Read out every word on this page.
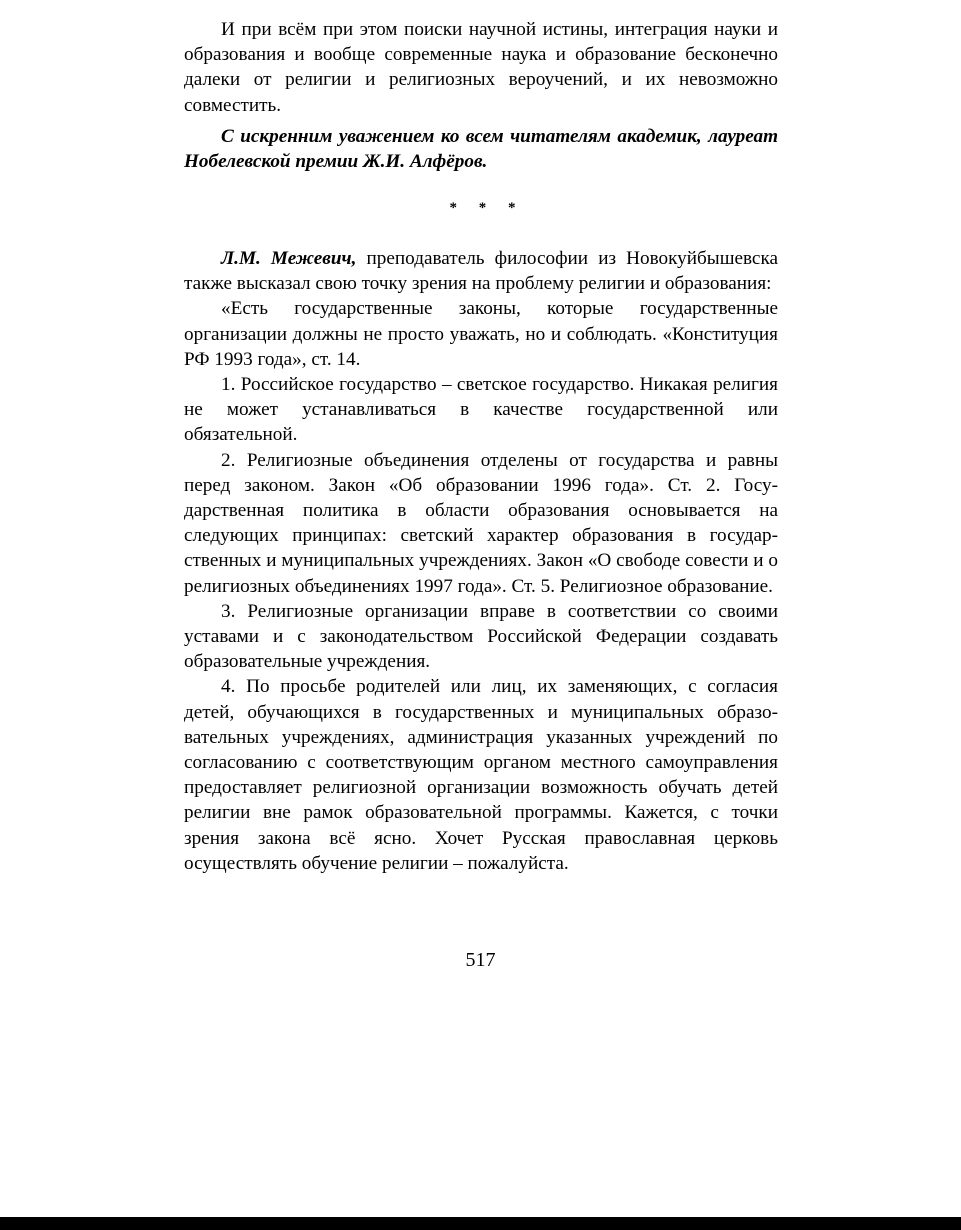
И при всём при этом поиски научной истины, интеграция науки и образования и вообще современные наука и образование бесконечно далеки от религии и религиозных вероучений, и их невозможно совместить.

С искренним уважением ко всем читателям академик, лауреат Нобелевской премии Ж.И. Алфёров.

* * *

Л.М. Межевич, преподаватель философии из Новокуйбышевска также высказал свою точку зрения на проблему религии и образования:

«Есть государственные законы, которые государственные организации должны не просто уважать, но и соблюдать. «Конституция РФ 1993 года», ст. 14.

1. Российское государство – светское государство. Никакая религия не может устанавливаться в качестве государственной или обязательной.

2. Религиозные объединения отделены от государства и равны перед законом. Закон «Об образовании 1996 года». Ст. 2. Государственная политика в области образования основывается на следующих принципах: светский характер образования в государственных и муниципальных учреждениях. Закон «О свободе совести и о религиозных объединениях 1997 года». Ст. 5. Религиозное образование.

3. Религиозные организации вправе в соответствии со своими уставами и с законодательством Российской Федерации создавать образовательные учреждения.

4. По просьбе родителей или лиц, их заменяющих, с согласия детей, обучающихся в государственных и муниципальных образовательных учреждениях, администрация указанных учреждений по согласованию с соответствующим органом местного самоуправления предоставляет религиозной организации возможность обучать детей религии вне рамок образовательной программы. Кажется, с точки зрения закона всё ясно. Хочет Русская православная церковь осуществлять обучение религии – пожалуйста.

517
